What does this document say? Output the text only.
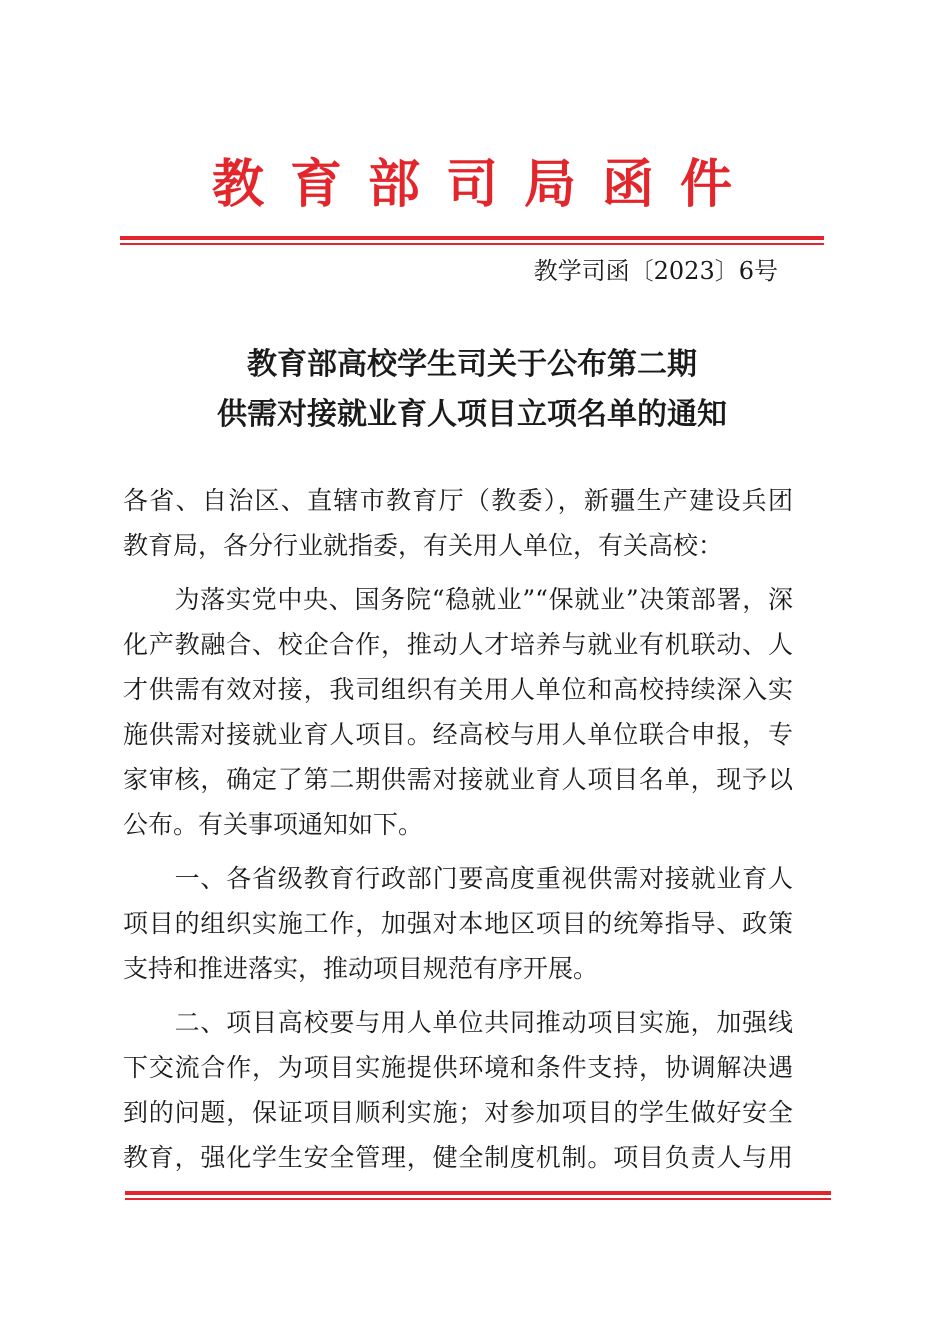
教育部司局函件
教学司函〔2023〕6号
教育部高校学生司关于公布第二期
供需对接就业育人项目立项名单的通知
各省、自治区、直辖市教育厅（教委），新疆生产建设兵团
教育局，各分行业就指委，有关用人单位，有关高校：
　　为落实党中央、国务院“稳就业”“保就业”决策部署，深
化产教融合、校企合作，推动人才培养与就业有机联动、人
才供需有效对接，我司组织有关用人单位和高校持续深入实
施供需对接就业育人项目。经高校与用人单位联合申报，专
家审核，确定了第二期供需对接就业育人项目名单，现予以
公布。有关事项通知如下。
　　一、各省级教育行政部门要高度重视供需对接就业育人
项目的组织实施工作，加强对本地区项目的统筹指导、政策
支持和推进落实，推动项目规范有序开展。
　　二、项目高校要与用人单位共同推动项目实施，加强线
下交流合作，为项目实施提供环境和条件支持，协调解决遇
到的问题，保证项目顺利实施；对参加项目的学生做好安全
教育，强化学生安全管理，健全制度机制。项目负责人与用
